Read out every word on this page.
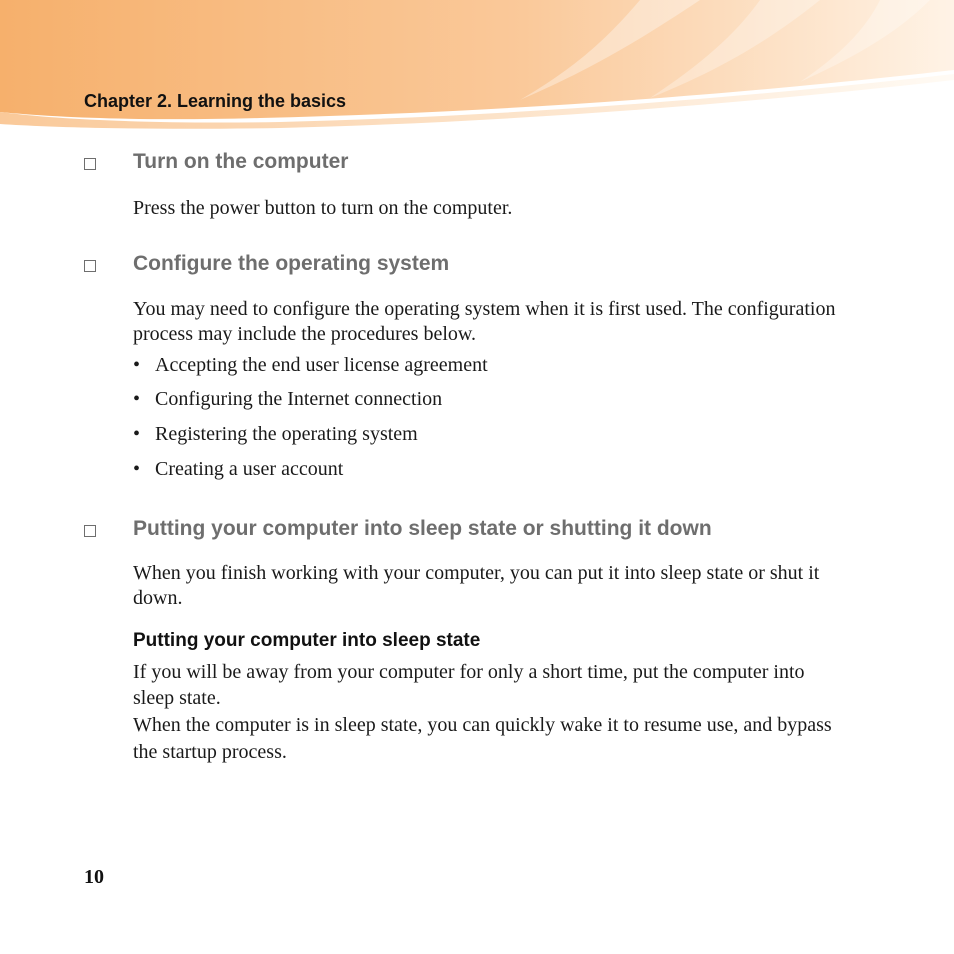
Chapter 2. Learning the basics
Turn on the computer
Press the power button to turn on the computer.
Configure the operating system
You may need to configure the operating system when it is first used. The configuration process may include the procedures below.
• Accepting the end user license agreement
• Configuring the Internet connection
• Registering the operating system
• Creating a user account
Putting your computer into sleep state or shutting it down
When you finish working with your computer, you can put it into sleep state or shut it down.
Putting your computer into sleep state
If you will be away from your computer for only a short time, put the computer into sleep state.
When the computer is in sleep state, you can quickly wake it to resume use, and bypass the startup process.
10
